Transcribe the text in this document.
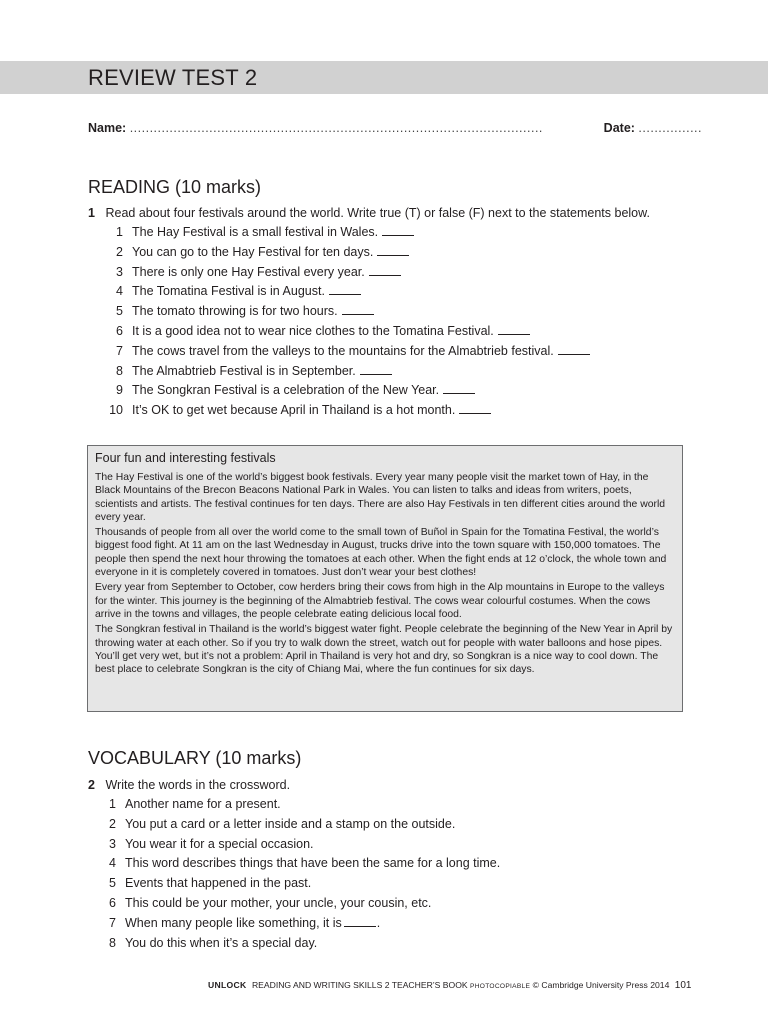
REVIEW TEST 2
Name: ........................................................................................................	Date: ................
READING (10 marks)
1 Read about four festivals around the world. Write true (T) or false (F) next to the statements below.
1 The Hay Festival is a small festival in Wales.
2 You can go to the Hay Festival for ten days.
3 There is only one Hay Festival every year.
4 The Tomatina Festival is in August.
5 The tomato throwing is for two hours.
6 It is a good idea not to wear nice clothes to the Tomatina Festival.
7 The cows travel from the valleys to the mountains for the Almabtrieb festival.
8 The Almabtrieb Festival is in September.
9 The Songkran Festival is a celebration of the New Year.
10 It’s OK to get wet because April in Thailand is a hot month.
Four fun and interesting festivals

The Hay Festival is one of the world’s biggest book festivals. Every year many people visit the market town of Hay, in the Black Mountains of the Brecon Beacons National Park in Wales. You can listen to talks and ideas from writers, poets, scientists and artists. The festival continues for ten days. There are also Hay Festivals in ten different cities around the world every year.

Thousands of people from all over the world come to the small town of Buñol in Spain for the Tomatina Festival, the world’s biggest food fight. At 11 am on the last Wednesday in August, trucks drive into the town square with 150,000 tomatoes. The people then spend the next hour throwing the tomatoes at each other. When the fight ends at 12 o’clock, the whole town and everyone in it is completely covered in tomatoes. Just don’t wear your best clothes!

Every year from September to October, cow herders bring their cows from high in the Alp mountains in Europe to the valleys for the winter. This journey is the beginning of the Almabtrieb festival. The cows wear colourful costumes. When the cows arrive in the towns and villages, the people celebrate eating delicious local food.

The Songkran festival in Thailand is the world’s biggest water fight. People celebrate the beginning of the New Year in April by throwing water at each other. So if you try to walk down the street, watch out for people with water balloons and hose pipes. You’ll get very wet, but it’s not a problem: April in Thailand is very hot and dry, so Songkran is a nice way to cool down. The best place to celebrate Songkran is the city of Chiang Mai, where the fun continues for six days.

VOCABULARY (10 marks)
2 Write the words in the crossword.
1 Another name for a present.
2 You put a card or a letter inside and a stamp on the outside.
3 You wear it for a special occasion.
4 This word describes things that have been the same for a long time.
5 Events that happened in the past.
6 This could be your mother, your uncle, your cousin, etc.
7 When many people like something, it is	.
8 You do this when it’s a special day.
UNLOCK READING AND WRITING SKILLS 2 TEACHER’S BOOK PHOTOCOPIABLE © Cambridge University Press 2014 101
